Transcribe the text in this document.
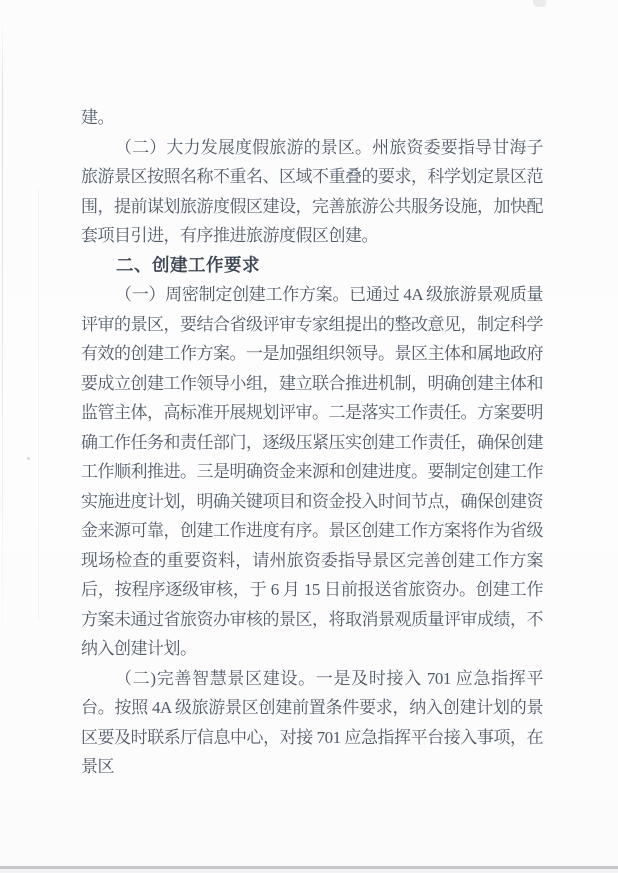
建。

（二）大力发展度假旅游的景区。州旅资委要指导甘海子旅游景区按照名称不重名、区域不重叠的要求，科学划定景区范围，提前谋划旅游度假区建设，完善旅游公共服务设施，加快配套项目引进，有序推进旅游度假区创建。

二、创建工作要求

（一）周密制定创建工作方案。已通过 4A 级旅游景观质量评审的景区，要结合省级评审专家组提出的整改意见，制定科学有效的创建工作方案。一是加强组织领导。景区主体和属地政府要成立创建工作领导小组，建立联合推进机制，明确创建主体和监管主体，高标准开展规划评审。二是落实工作责任。方案要明确工作任务和责任部门，逐级压紧压实创建工作责任，确保创建工作顺利推进。三是明确资金来源和创建进度。要制定创建工作实施进度计划，明确关键项目和资金投入时间节点，确保创建资金来源可靠，创建工作进度有序。景区创建工作方案将作为省级现场检查的重要资料，请州旅资委指导景区完善创建工作方案后，按程序逐级审核，于 6 月 15 日前报送省旅资办。创建工作方案未通过省旅资办审核的景区，将取消景观质量评审成绩，不纳入创建计划。

（二)完善智慧景区建设。一是及时接入 701 应急指挥平台。按照 4A 级旅游景区创建前置条件要求，纳入创建计划的景区要及时联系厅信息中心，对接 701 应急指挥平台接入事项，在景区
